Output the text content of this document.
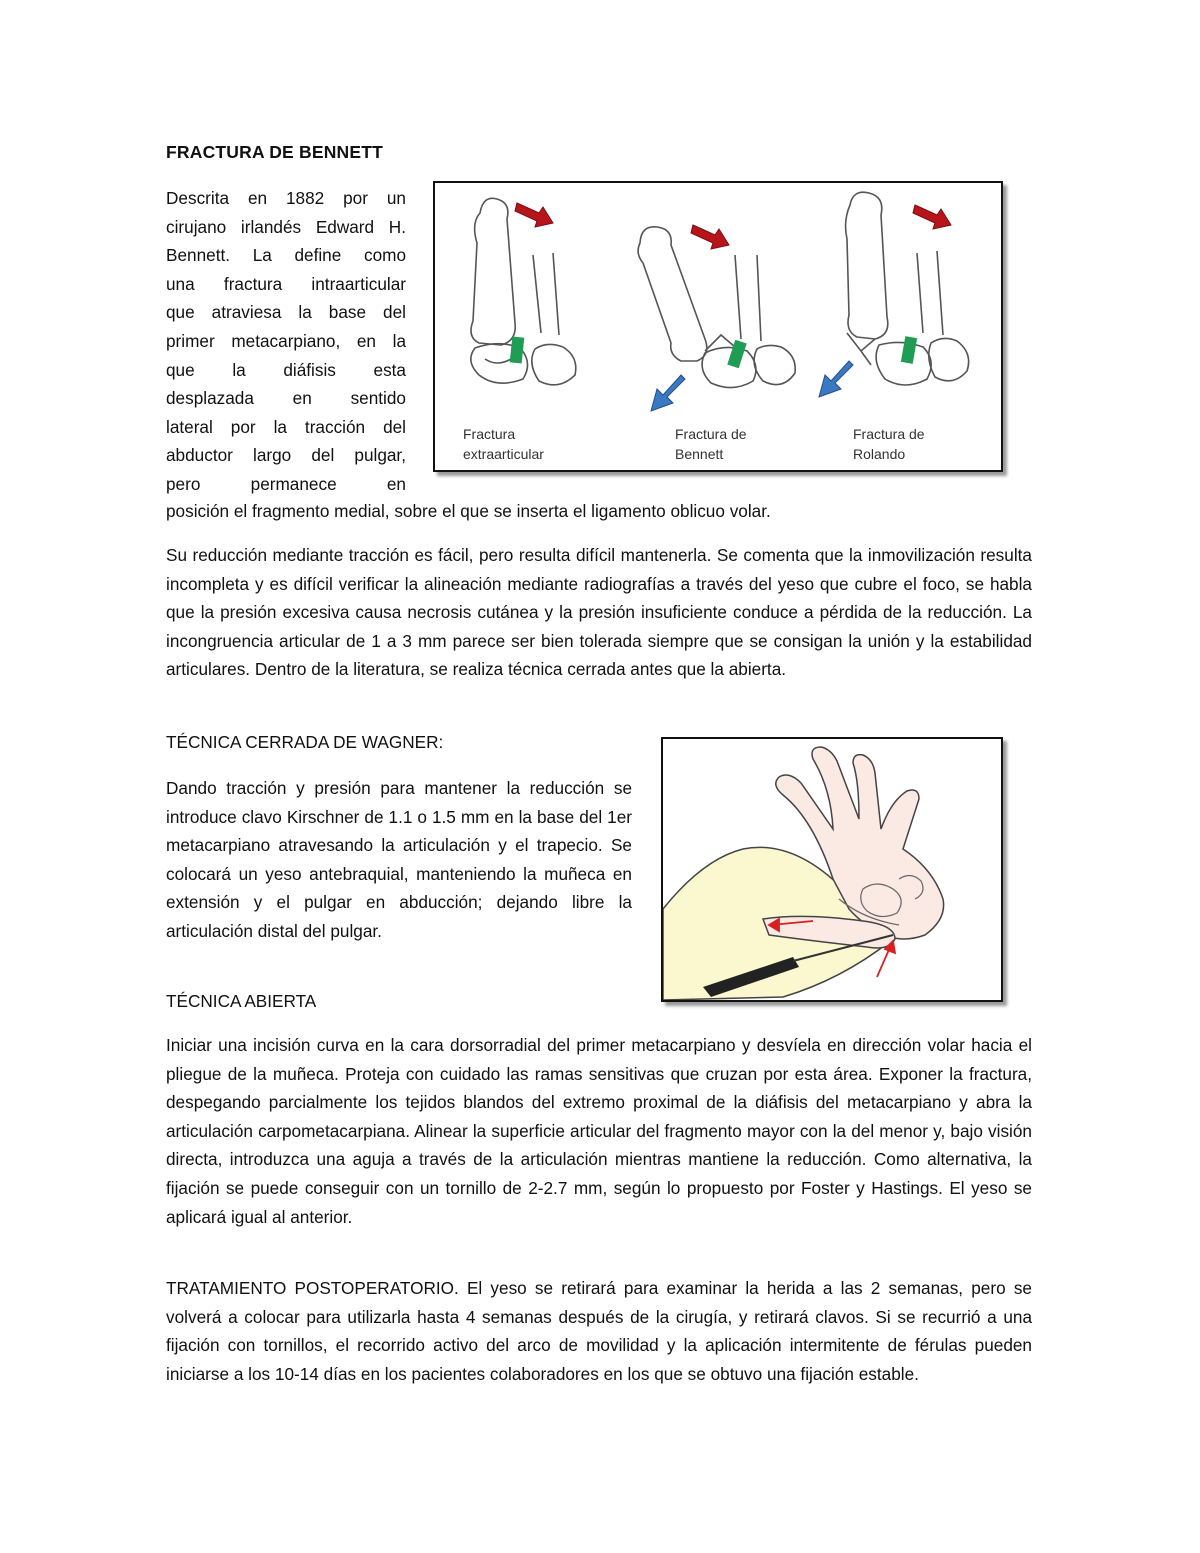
FRACTURA DE BENNETT

Descrita en 1882 por un

cirujano irlandés Edward H.

Bennett. La define como

una fractura intraarticular

que atraviesa la base del

primer metacarpiano, en la

que la diáfisis esta

desplazada en sentido

lateral por la tracción del

abductor largo del pulgar,

pero permanece en

Fractura
extraarticular
Fractura de
Bennett
Fractura de
Rolando

posición el fragmento medial, sobre el que se inserta el ligamento oblicuo volar.

Su reducción mediante tracción es fácil, pero resulta difícil mantenerla. Se comenta que la inmovilización resulta incompleta y es difícil verificar la alineación mediante radiografías a través del yeso que cubre el foco, se habla que la presión excesiva causa necrosis cutánea y la presión insuficiente conduce a pérdida de la reducción. La incongruencia articular de 1 a 3 mm parece ser bien tolerada siempre que se consigan la unión y la estabilidad articulares. Dentro de la literatura, se realiza técnica cerrada antes que la abierta.

TÉCNICA CERRADA DE WAGNER:

Dando tracción y presión para mantener la reducción se introduce clavo Kirschner de 1.1 o 1.5 mm en la base del 1er metacarpiano atravesando la articulación y el trapecio. Se colocará un yeso antebraquial, manteniendo la muñeca en extensión y el pulgar en abducción; dejando libre la articulación distal del pulgar.

TÉCNICA ABIERTA

Iniciar una incisión curva en la cara dorsorradial del primer metacarpiano y desvíela en dirección volar hacia el pliegue de la muñeca. Proteja con cuidado las ramas sensitivas que cruzan por esta área. Exponer la fractura, despegando parcialmente los tejidos blandos del extremo proximal de la diáfisis del metacarpiano y abra la articulación carpometacarpiana. Alinear la superficie articular del fragmento mayor con la del menor y, bajo visión directa, introduzca una aguja a través de la articulación mientras mantiene la reducción. Como alternativa, la fijación se puede conseguir con un tornillo de 2-2.7 mm, según lo propuesto por Foster y Hastings. El yeso se aplicará igual al anterior.

TRATAMIENTO POSTOPERATORIO. El yeso se retirará para examinar la herida a las 2 semanas, pero se volverá a colocar para utilizarla hasta 4 semanas después de la cirugía, y retirará clavos. Si se recurrió a una fijación con tornillos, el recorrido activo del arco de movilidad y la aplicación intermitente de férulas pueden iniciarse a los 10-14 días en los pacientes colaboradores en los que se obtuvo una fijación estable.
